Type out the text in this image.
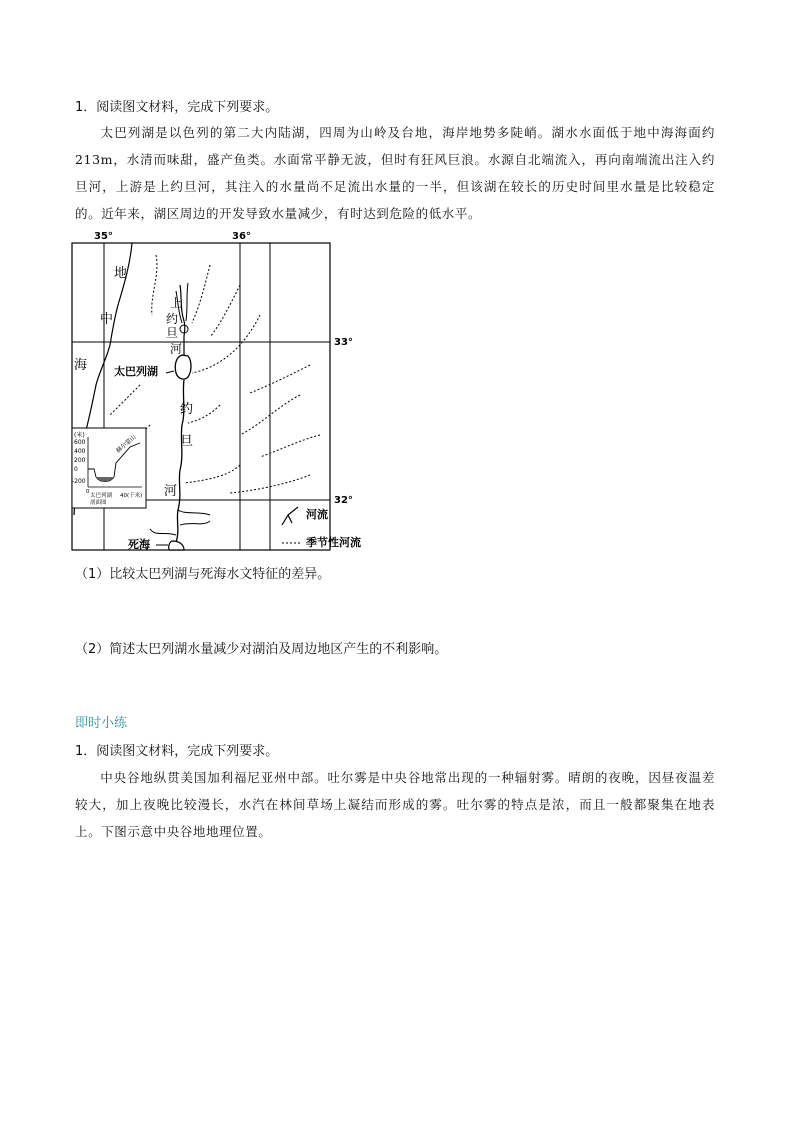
1．阅读图文材料，完成下列要求。
太巴列湖是以色列的第二大内陆湖，四周为山岭及台地，海岸地势多陡峭。湖水水面低于地中海海面约213m，水清而味甜，盛产鱼类。水面常平静无波，但时有狂风巨浪。水源自北端流入，再向南端流出注入约旦河，上游是上约旦河，其注入的水量尚不足流出水量的一半，但该湖在较长的历史时间里水量是比较稳定的。近年来，湖区周边的开发导致水量减少，有时达到危险的低水平。
35°	36°
33°
32°
地
中
海
上
约
旦
河
太巴列湖
约
旦
河
死海
(米)
600
400
200
0
-200
赫尔蒙山
0
40(千米)
太巴列湖
剖面图
河流
季节性河流
（1）比较太巴列湖与死海水文特征的差异。
（2）简述太巴列湖水量减少对湖泊及周边地区产生的不利影响。
即时小练
1．阅读图文材料，完成下列要求。
中央谷地纵贯美国加利福尼亚州中部。吐尔雾是中央谷地常出现的一种辐射雾。晴朗的夜晚，因昼夜温差较大，加上夜晚比较漫长，水汽在林间草场上凝结而形成的雾。吐尔雾的特点是浓，而且一般都聚集在地表上。下图示意中央谷地地理位置。
